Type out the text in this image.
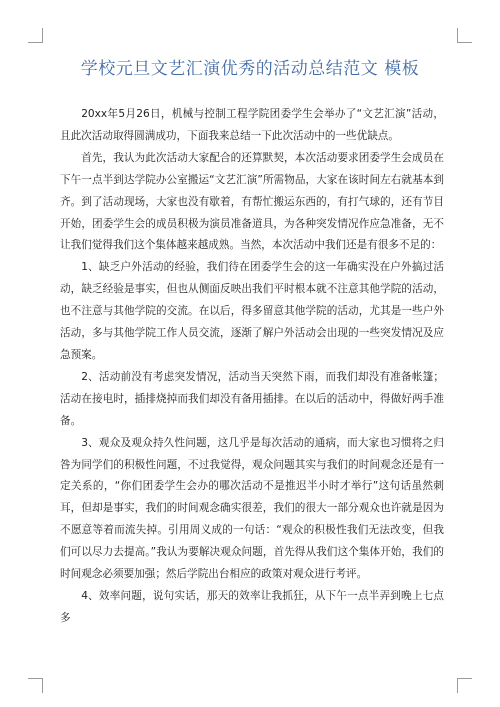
学校元旦文艺汇演优秀的活动总结范文 模板

20xx年5月26日，机械与控制工程学院团委学生会举办了“文艺汇演”活动，且此次活动取得圆满成功，下面我来总结一下此次活动中的一些优缺点。

首先，我认为此次活动大家配合的还算默契，本次活动要求团委学生会成员在下午一点半到达学院办公室搬运“文艺汇演”所需物品，大家在该时间左右就基本到齐。到了活动现场，大家也没有歇着，有帮忙搬运东西的，有打气球的，还有节目开始，团委学生会的成员积极为演员准备道具，为各种突发情况作应急准备，无不让我们觉得我们这个集体越来越成熟。当然，本次活动中我们还是有很多不足的：

1、缺乏户外活动的经验，我们待在团委学生会的这一年确实没在户外搞过活动，缺乏经验是事实，但也从侧面反映出我们平时根本就不注意其他学院的活动，也不注意与其他学院的交流。在以后，得多留意其他学院的活动，尤其是一些户外活动，多与其他学院工作人员交流，逐渐了解户外活动会出现的一些突发情况及应急预案。

2、活动前没有考虑突发情况，活动当天突然下雨，而我们却没有准备帐篷；活动在接电时，插排烧掉而我们却没有备用插排。在以后的活动中，得做好两手准备。

3、观众及观众持久性问题，这几乎是每次活动的通病，而大家也习惯将之归咎为同学们的积极性问题，不过我觉得，观众问题其实与我们的时间观念还是有一定关系的，“你们团委学生会办的哪次活动不是推迟半小时才举行”这句话虽然刺耳，但却是事实，我们的时间观念确实很差，我们的很大一部分观众也许就是因为不愿意等着而流失掉。引用周义成的一句话：“观众的积极性我们无法改变，但我们可以尽力去提高。”我认为要解决观众问题，首先得从我们这个集体开始，我们的时间观念必须要加强；然后学院出台相应的政策对观众进行考评。

4、效率问题，说句实话，那天的效率让我抓狂，从下午一点半弄到晚上七点多
